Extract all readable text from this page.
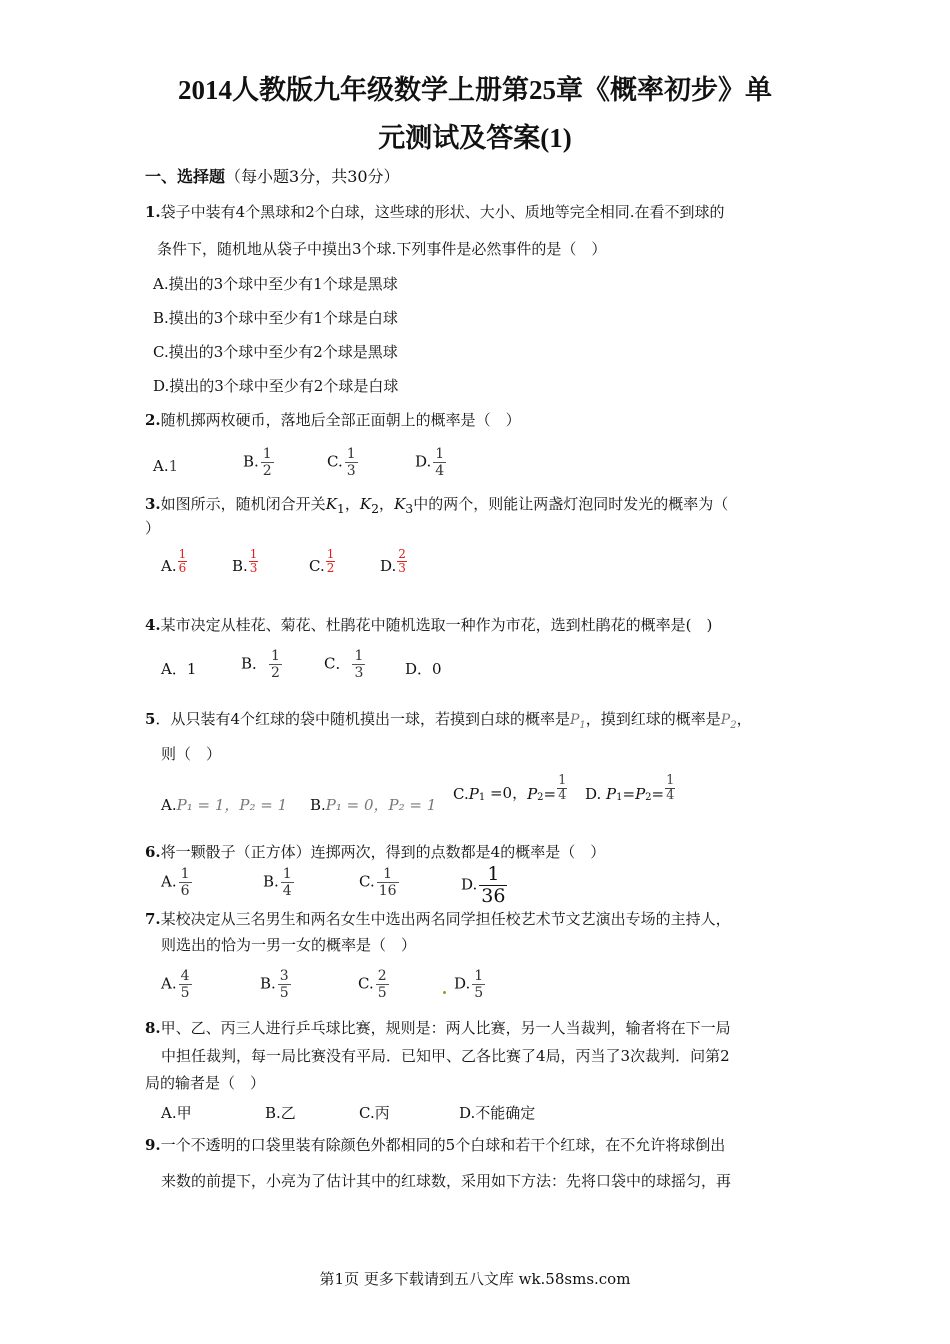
2014人教版九年级数学上册第25章《概率初步》单
元测试及答案(1)
一、选择题（每小题3分，共30分）
1.袋子中装有4个黑球和2个白球，这些球的形状、大小、质地等完全相同.在看不到球的
条件下，随机地从袋子中摸出3个球.下列事件是必然事件的是（　）
A.摸出的3个球中至少有1个球是黑球
B.摸出的3个球中至少有1个球是白球
C.摸出的3个球中至少有2个球是黑球
D.摸出的3个球中至少有2个球是白球
2.随机掷两枚硬币，落地后全部正面朝上的概率是（　）
A.1	B. $\frac{1}{2}$	C. $\frac{1}{3}$	D. $\frac{1}{4}$
3.如图所示，随机闭合开关$K_1$，$K_2$，$K_3$中的两个，则能让两盏灯泡同时发光的概率为（
）
A. $\frac{1}{6}$	B. $\frac{1}{3}$	C. $\frac{1}{2}$	D. $\frac{2}{3}$
4.某市决定从桂花、菊花、杜鹃花中随机选取一种作为市花，选到杜鹃花的概率是(　)
A．1	B． $\frac{1}{2}$	C． $\frac{1}{3}$	D．0
5．从只装有4个红球的袋中随机摸出一球，若摸到白球的概率是$P_1$，摸到红球的概率是$P_2$，
则（　）
A.P₁ = 1，P₂ = 1 B.P₁ = 0，P₂ = 1
C.P1 =0，$P2= \frac{1}{4} D$. $P1=P2= \frac{1}{4}$
6.将一颗骰子（正方体）连掷两次，得到的点数都是4的概率是（　）
A. $\frac{1}{6}$	B. $\frac{1}{4}$	C. $\frac{1}{16}$	D. $\frac{1}{36}$
7.某校决定从三名男生和两名女生中选出两名同学担任校艺术节文艺演出专场的主持人，
则选出的恰为一男一女的概率是（　）
A. $\frac{4}{5}$	B. $\frac{3}{5}$	C. $\frac{2}{5}$	D. $\frac{1}{5}$
8.甲、乙、丙三人进行乒乓球比赛，规则是：两人比赛，另一人当裁判，输者将在下一局
中担任裁判，每一局比赛没有平局．已知甲、乙各比赛了4局，丙当了3次裁判．问第2
局的输者是（　）
A.甲	B.乙	C.丙	D.不能确定
9.一个不透明的口袋里装有除颜色外都相同的5个白球和若干个红球，在不允许将球倒出
来数的前提下，小亮为了估计其中的红球数，采用如下方法：先将口袋中的球摇匀，再
第1页 更多下载请到五八文库 wk.58sms.com
